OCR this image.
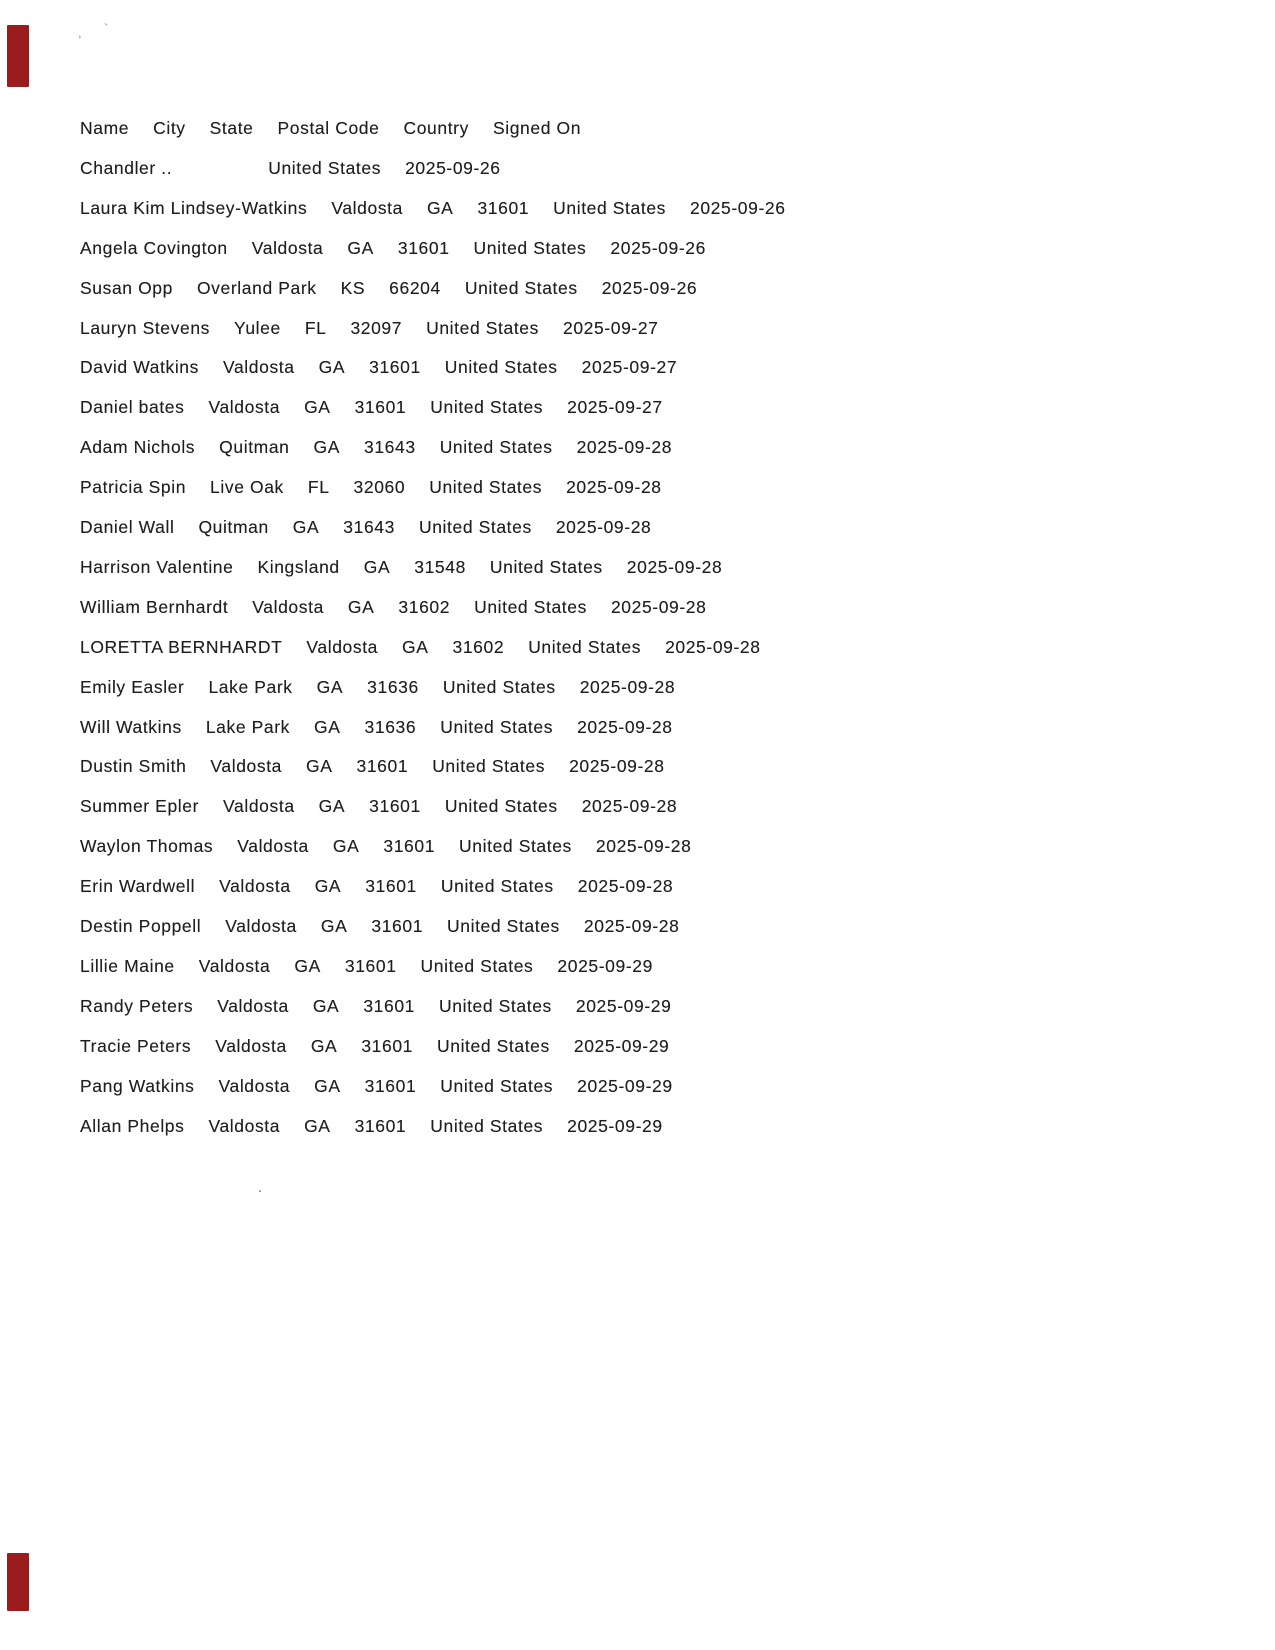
, `
Name City State Postal Code Country Signed On
Chandler ..	United States 2025-09-26
Laura Kim Lindsey-Watkins Valdosta GA 31601 United States 2025-09-26
Angela Covington Valdosta GA 31601 United States 2025-09-26
Susan Opp Overland Park KS 66204 United States 2025-09-26
Lauryn Stevens Yulee FL 32097 United States 2025-09-27
David Watkins Valdosta GA 31601 United States 2025-09-27
Daniel bates Valdosta GA 31601 United States 2025-09-27
Adam Nichols Quitman GA 31643 United States 2025-09-28
Patricia Spin Live Oak FL 32060 United States 2025-09-28
Daniel Wall Quitman GA 31643 United States 2025-09-28
Harrison Valentine Kingsland GA 31548 United States 2025-09-28
William Bernhardt Valdosta GA 31602 United States 2025-09-28
LORETTA BERNHARDT Valdosta GA 31602 United States 2025-09-28
Emily Easler Lake Park GA 31636 United States 2025-09-28
Will Watkins Lake Park GA 31636 United States 2025-09-28
Dustin Smith Valdosta GA 31601 United States 2025-09-28
Summer Epler Valdosta GA 31601 United States 2025-09-28
Waylon Thomas Valdosta GA 31601 United States 2025-09-28
Erin Wardwell Valdosta GA 31601 United States 2025-09-28
Destin Poppell Valdosta GA 31601 United States 2025-09-28
Lillie Maine Valdosta GA 31601 United States 2025-09-29
Randy Peters Valdosta GA 31601 United States 2025-09-29
Tracie Peters Valdosta GA 31601 United States 2025-09-29
Pang Watkins Valdosta GA 31601 United States 2025-09-29
Allan Phelps Valdosta GA 31601 United States 2025-09-29
.
